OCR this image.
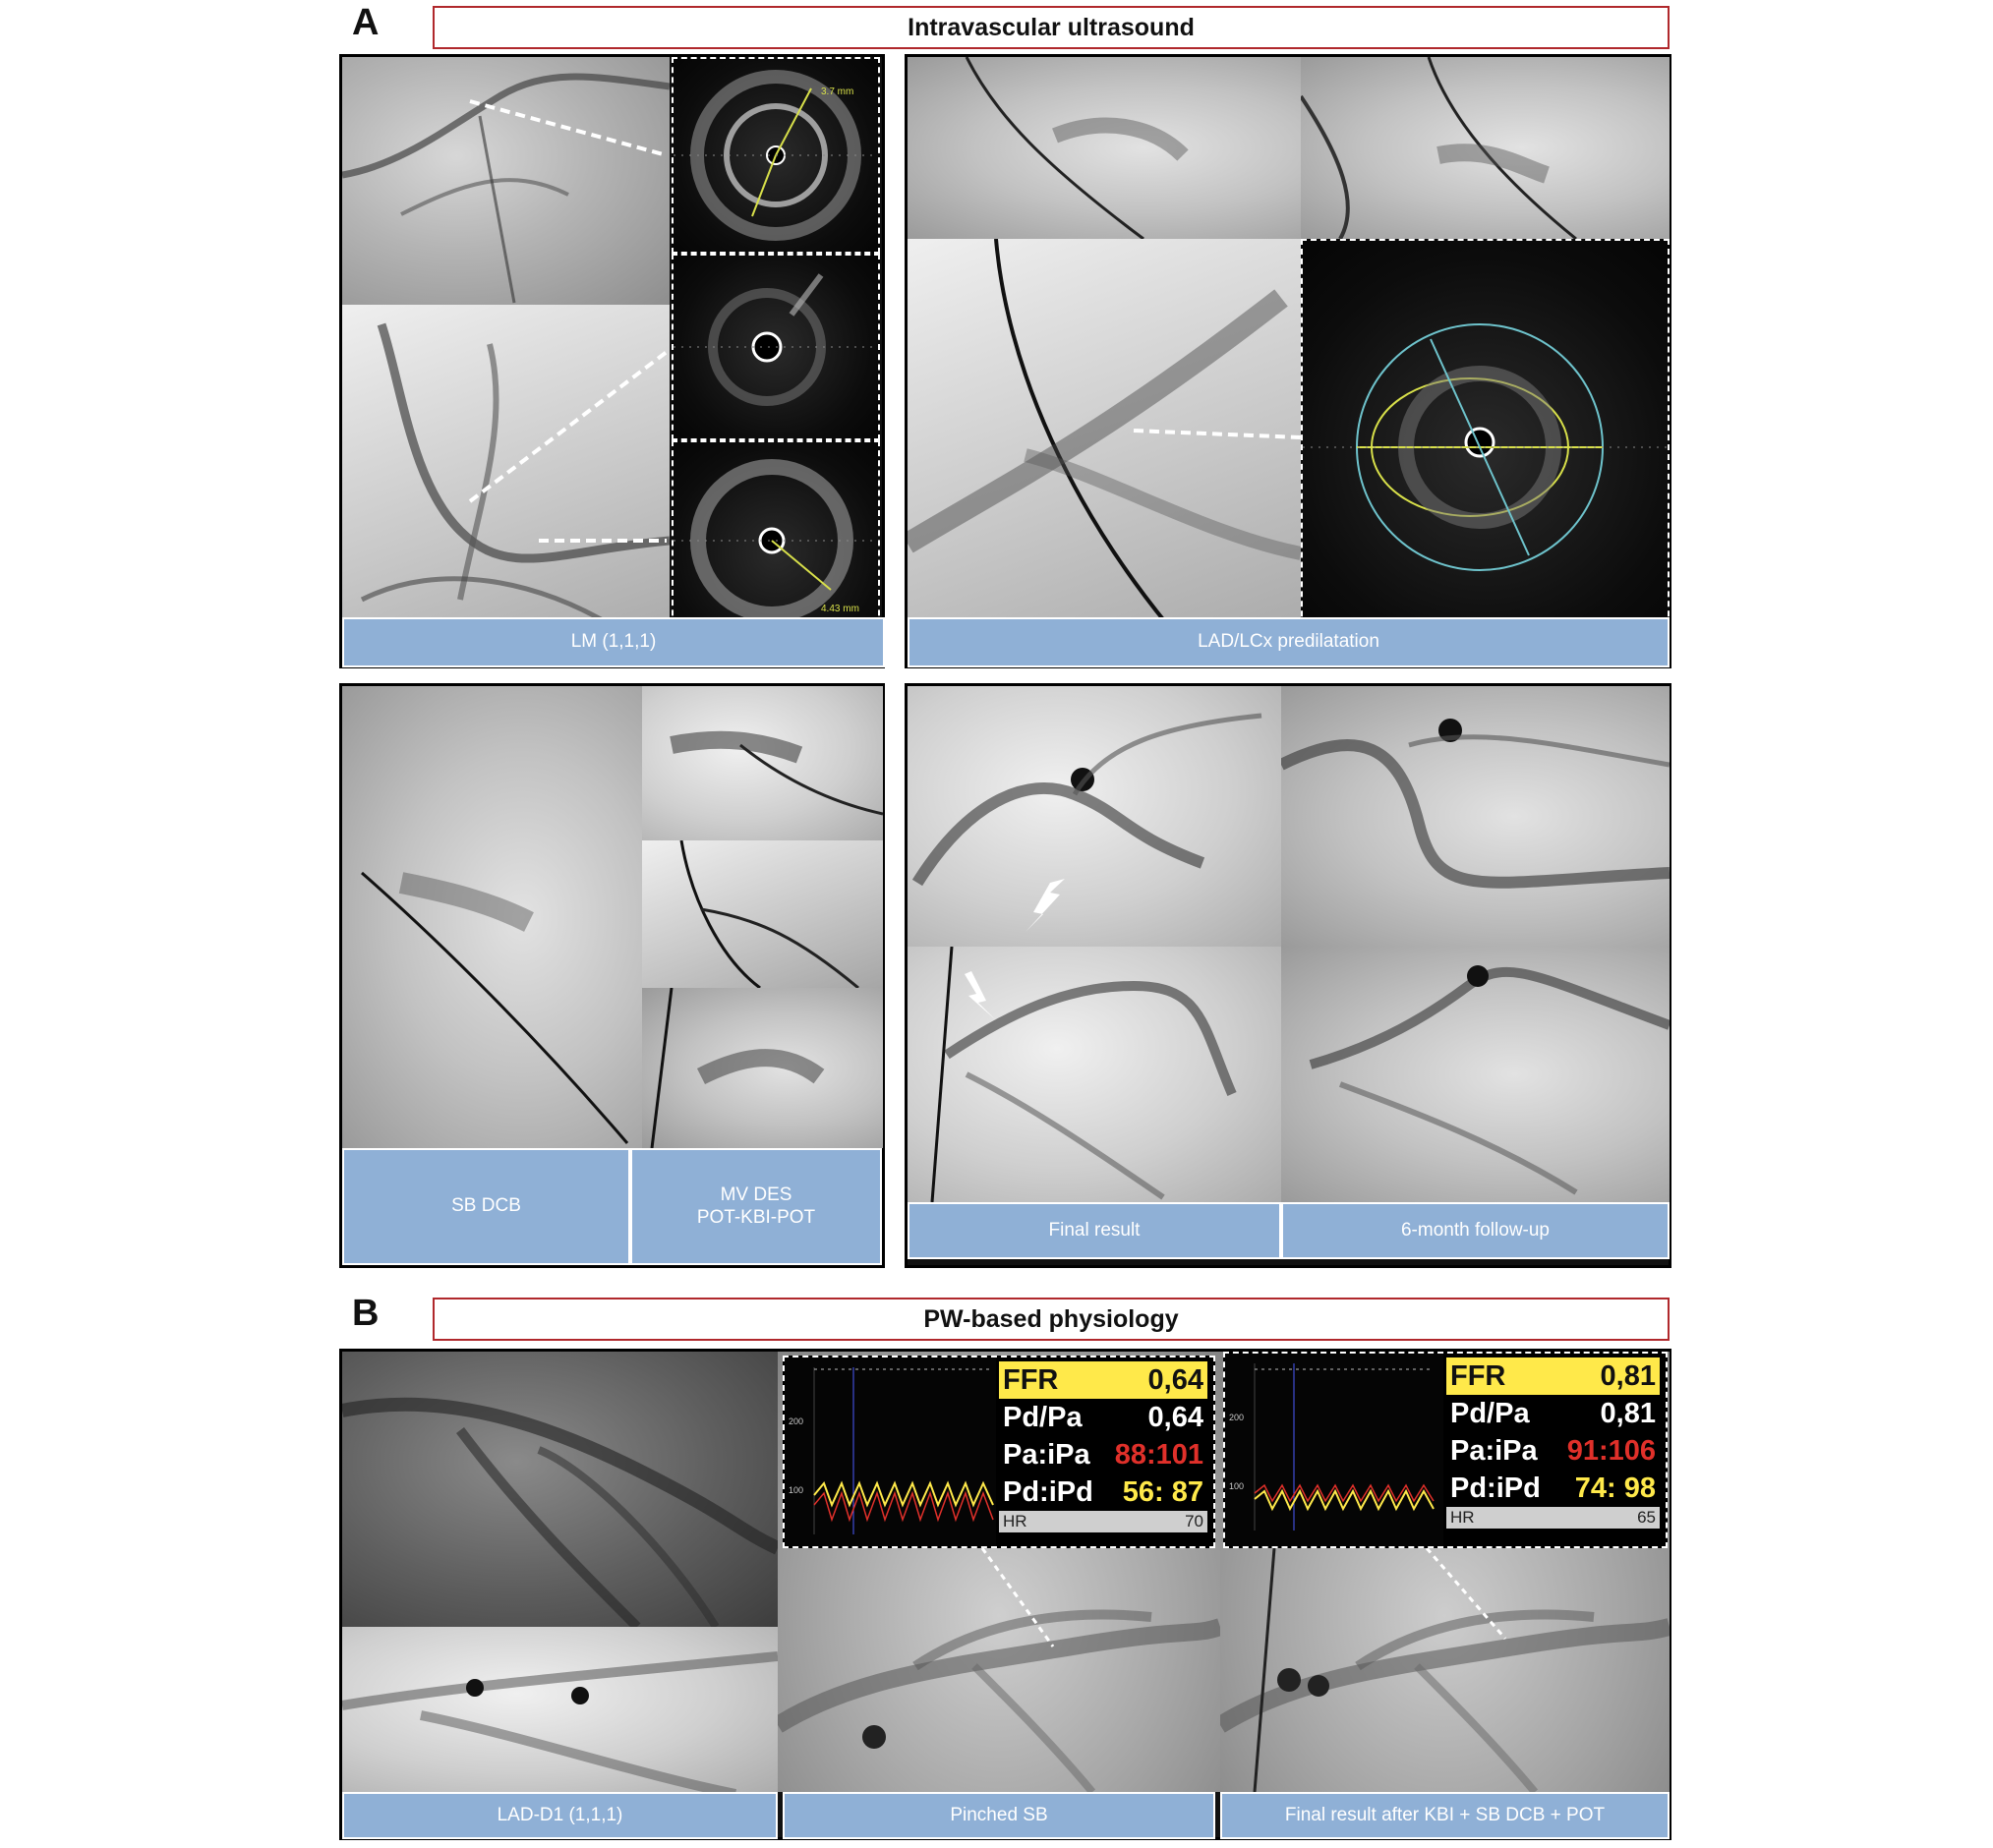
A	Intravascular ultrasound
3.7 mm
4.43 mm
LM (1,1,1)	LAD/LCx predilatation
SB DCB
MV DES
POT-KBI-POT
Final result	6-month follow-up
B	PW-based physiology
LAD-D1 (1,1,1)
200
100
FFR	0,64
Pd/Pa 0,64
Pa:iPa 88:101
Pd:iPd 56: 87
HR	70
Pinched SB
200
100
FFR	0,81
Pd/Pa 0,81
Pa:iPa 91:106
Pd:iPd 74: 98
HR	65
Final result after KBI + SB DCB + POT
